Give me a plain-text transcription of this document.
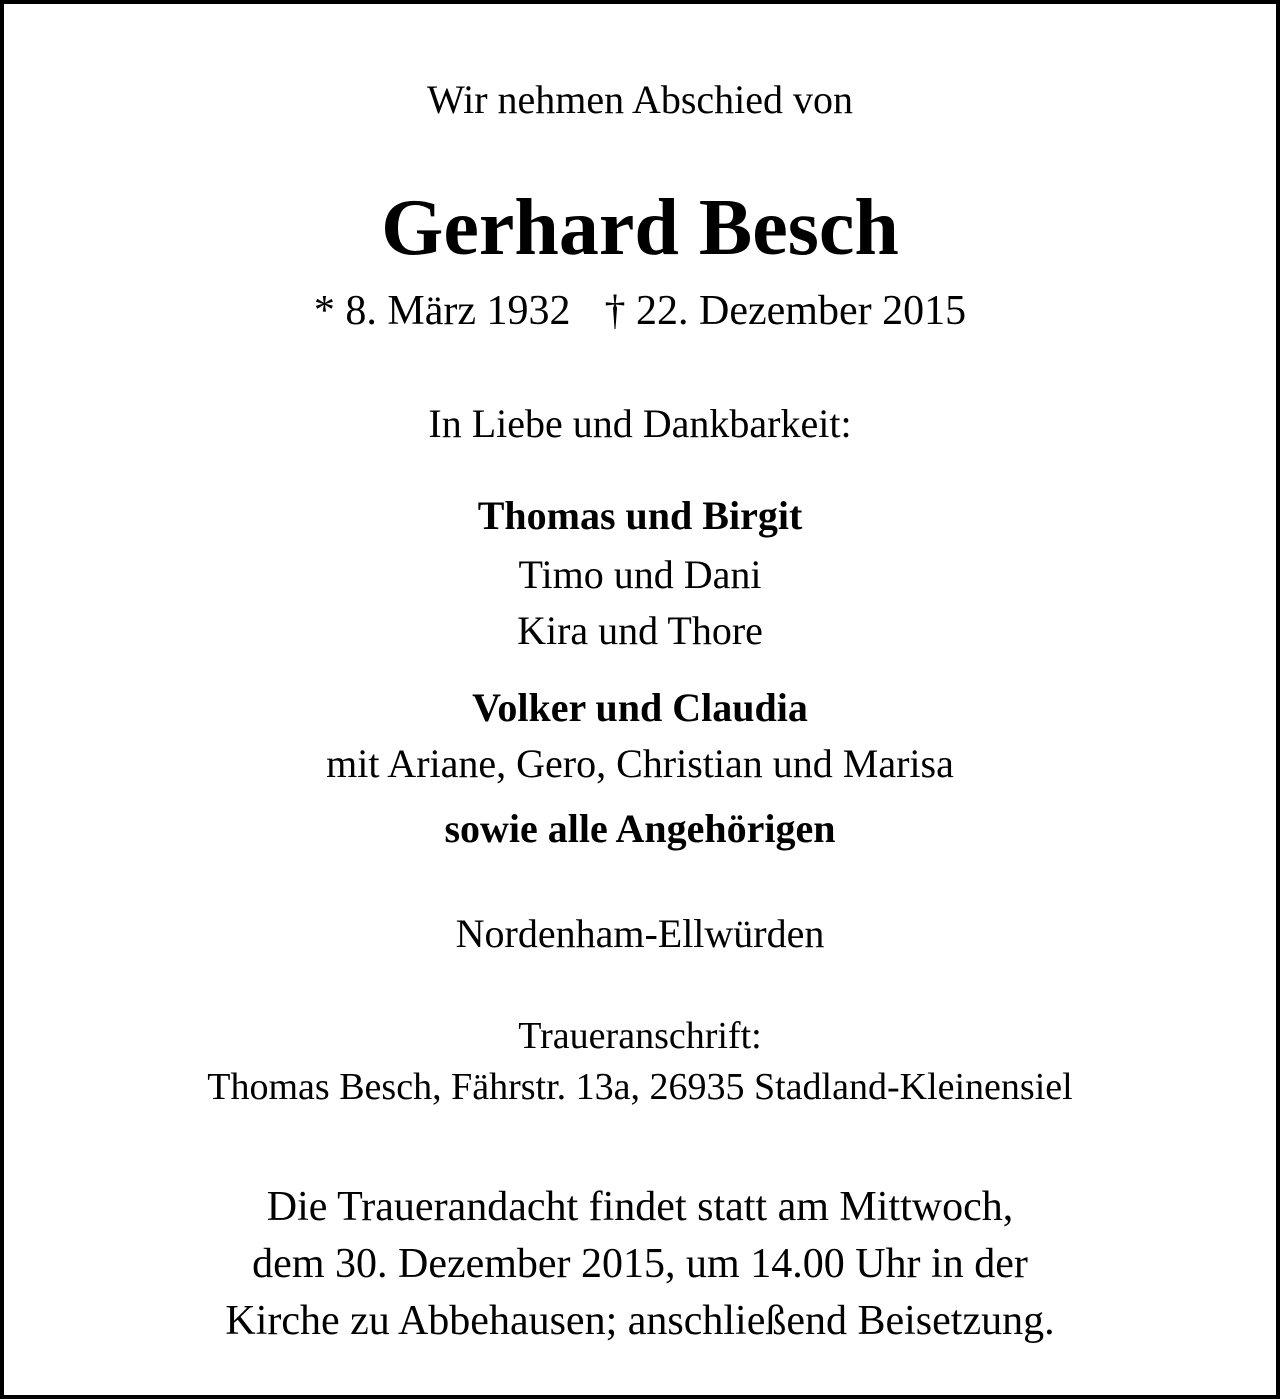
Wir nehmen Abschied von
Gerhard Besch
* 8. März 1932 † 22. Dezember 2015
In Liebe und Dankbarkeit:
Thomas und Birgit
Timo und Dani
Kira und Thore
Volker und Claudia
mit Ariane, Gero, Christian und Marisa
sowie alle Angehörigen
Nordenham-Ellwürden
Traueranschrift:
Thomas Besch, Fährstr. 13a, 26935 Stadland-Kleinensiel
Die Trauerandacht findet statt am Mittwoch,
dem 30. Dezember 2015, um 14.00 Uhr in der
Kirche zu Abbehausen; anschließend Beisetzung.
